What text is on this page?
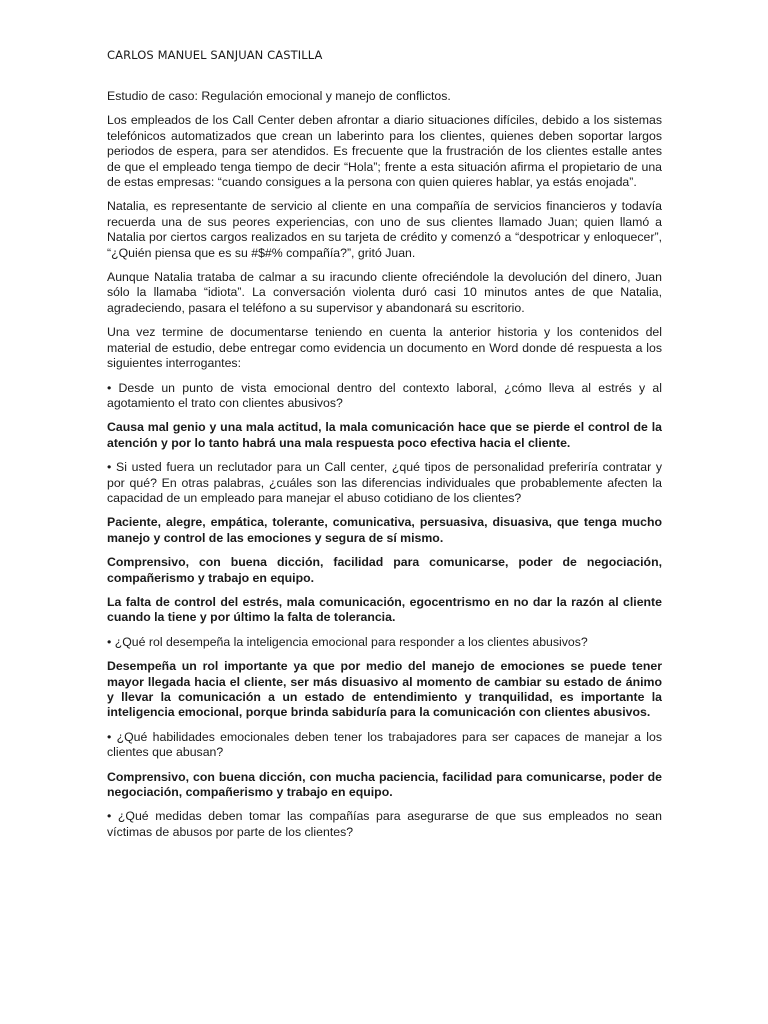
CARLOS MANUEL SANJUAN CASTILLA

Estudio de caso: Regulación emocional y manejo de conflictos.

Los empleados de los Call Center deben afrontar a diario situaciones difíciles, debido a los sistemas telefónicos automatizados que crean un laberinto para los clientes, quienes deben soportar largos periodos de espera, para ser atendidos. Es frecuente que la frustración de los clientes estalle antes de que el empleado tenga tiempo de decir “Hola”; frente a esta situación afirma el propietario de una de estas empresas: “cuando consigues a la persona con quien quieres hablar, ya estás enojada”.

Natalia, es representante de servicio al cliente en una compañía de servicios financieros y todavía recuerda una de sus peores experiencias, con uno de sus clientes llamado Juan; quien llamó a Natalia por ciertos cargos realizados en su tarjeta de crédito y comenzó a “despotricar y enloquecer”, “¿Quién piensa que es su #$#% compañía?”, gritó Juan.

Aunque Natalia trataba de calmar a su iracundo cliente ofreciéndole la devolución del dinero, Juan sólo la llamaba “idiota”. La conversación violenta duró casi 10 minutos antes de que Natalia, agradeciendo, pasara el teléfono a su supervisor y abandonará su escritorio.

Una vez termine de documentarse teniendo en cuenta la anterior historia y los contenidos del material de estudio, debe entregar como evidencia un documento en Word donde dé respuesta a los siguientes interrogantes:

• Desde un punto de vista emocional dentro del contexto laboral, ¿cómo lleva al estrés y al agotamiento el trato con clientes abusivos?

Causa mal genio y una mala actitud, la mala comunicación hace que se pierde el control de la atención y por lo tanto habrá una mala respuesta poco efectiva hacia el cliente.

• Si usted fuera un reclutador para un Call center, ¿qué tipos de personalidad preferiría contratar y por qué? En otras palabras, ¿cuáles son las diferencias individuales que probablemente afecten la capacidad de un empleado para manejar el abuso cotidiano de los clientes?

Paciente, alegre, empática, tolerante, comunicativa, persuasiva, disuasiva, que tenga mucho manejo y control de las emociones y segura de sí mismo.

Comprensivo, con buena dicción, facilidad para comunicarse, poder de negociación, compañerismo y trabajo en equipo.

La falta de control del estrés, mala comunicación, egocentrismo en no dar la razón al cliente cuando la tiene y por último la falta de tolerancia.

• ¿Qué rol desempeña la inteligencia emocional para responder a los clientes abusivos?

Desempeña un rol importante ya que por medio del manejo de emociones se puede tener mayor llegada hacia el cliente, ser más disuasivo al momento de cambiar su estado de ánimo y llevar la comunicación a un estado de entendimiento y tranquilidad, es importante la inteligencia emocional, porque brinda sabiduría para la comunicación con clientes abusivos.

• ¿Qué habilidades emocionales deben tener los trabajadores para ser capaces de manejar a los clientes que abusan?

Comprensivo, con buena dicción, con mucha paciencia, facilidad para comunicarse, poder de negociación, compañerismo y trabajo en equipo.

• ¿Qué medidas deben tomar las compañías para asegurarse de que sus empleados no sean víctimas de abusos por parte de los clientes?
